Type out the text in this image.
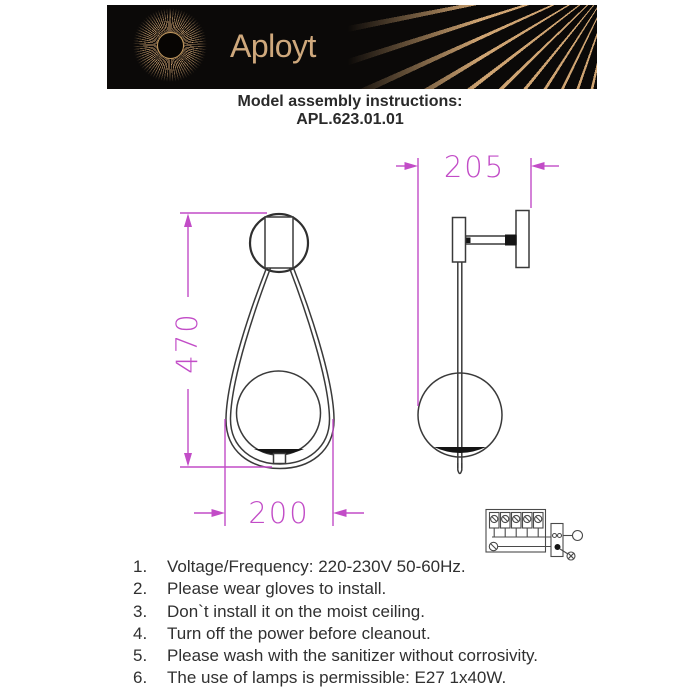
Aployt
Model assembly instructions:
APL.623.01.01
470
200
205
1.	Voltage/Frequency: 220-230V 50-60Hz.
2.	Please wear gloves to install.
3.	Don`t install it on the moist ceiling.
4.	Turn off the power before cleanout.
5.	Please wash with the sanitizer without corrosivity.
6.	The use of lamps is permissible: E27 1x40W.
